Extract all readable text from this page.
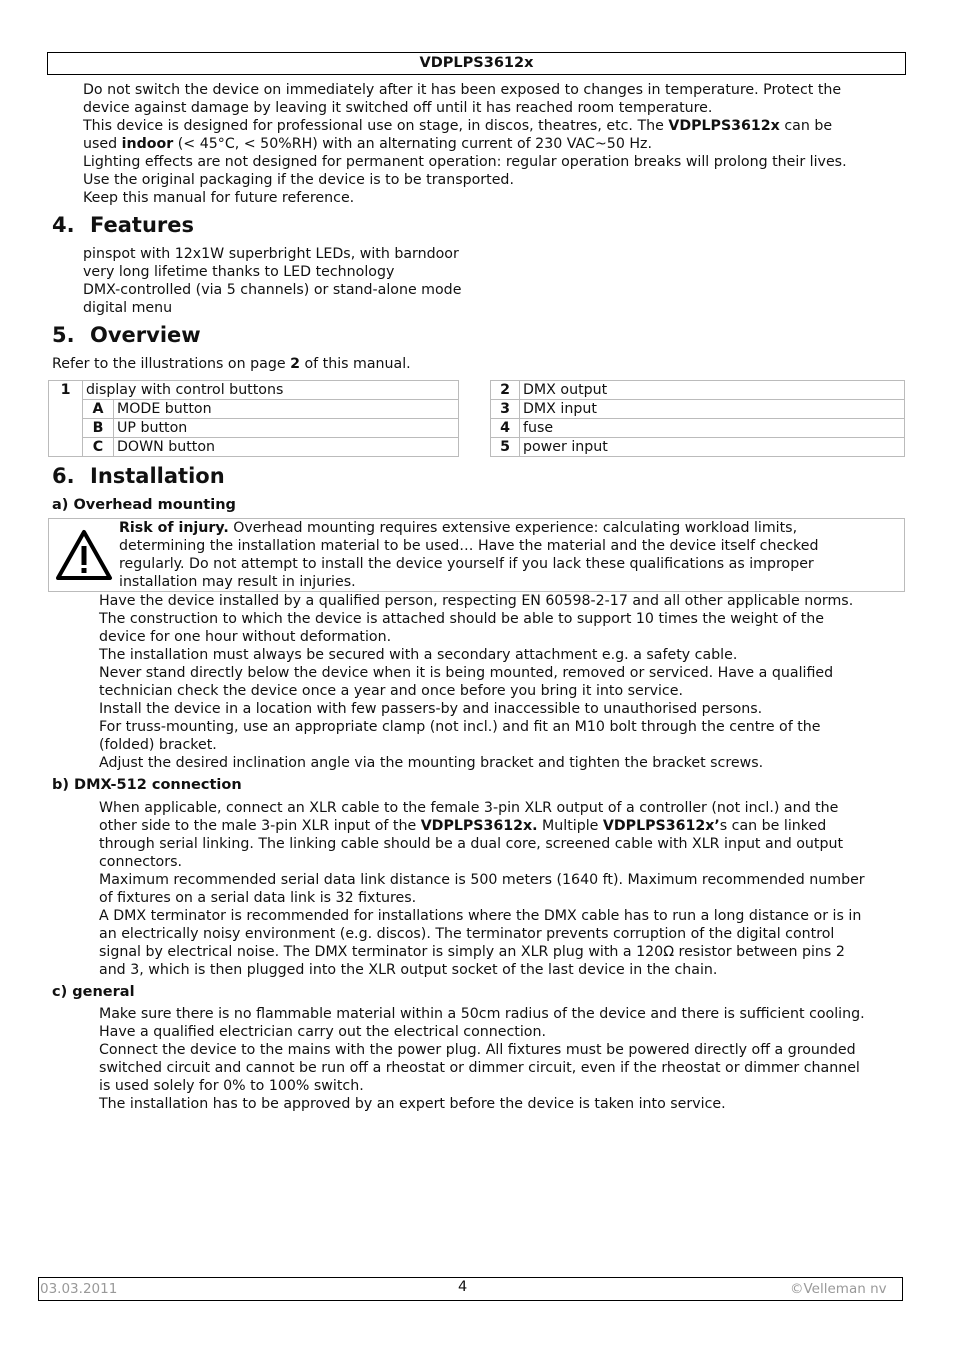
VDPLPS3612x
Do not switch the device on immediately after it has been exposed to changes in temperature. Protect the
device against damage by leaving it switched off until it has reached room temperature.
This device is designed for professional use on stage, in discos, theatres, etc. The VDPLPS3612x can be
used indoor (< 45°C, < 50%RH) with an alternating current of 230 VAC~50 Hz.
Lighting effects are not designed for permanent operation: regular operation breaks will prolong their lives.
Use the original packaging if the device is to be transported.
Keep this manual for future reference.
4. Features
pinspot with 12x1W superbright LEDs, with barndoor
very long lifetime thanks to LED technology
DMX-controlled (via 5 channels) or stand-alone mode
digital menu
5. Overview
Refer to the illustrations on page 2 of this manual.
1	display with control buttons	
	A	MODE button
	B	UP button
	C	DOWN button
2	DMX output
3	DMX input
4	fuse
5	power input
6. Installation
a) Overhead mounting
Risk of injury. Overhead mounting requires extensive experience: calculating workload limits,
determining the installation material to be used… Have the material and the device itself checked
regularly. Do not attempt to install the device yourself if you lack these qualifications as improper
installation may result in injuries.
Have the device installed by a qualified person, respecting EN 60598-2-17 and all other applicable norms.
The construction to which the device is attached should be able to support 10 times the weight of the
device for one hour without deformation.
The installation must always be secured with a secondary attachment e.g. a safety cable.
Never stand directly below the device when it is being mounted, removed or serviced. Have a qualified
technician check the device once a year and once before you bring it into service.
Install the device in a location with few passers-by and inaccessible to unauthorised persons.
For truss-mounting, use an appropriate clamp (not incl.) and fit an M10 bolt through the centre of the
(folded) bracket.
Adjust the desired inclination angle via the mounting bracket and tighten the bracket screws.
b) DMX-512 connection
When applicable, connect an XLR cable to the female 3-pin XLR output of a controller (not incl.) and the
other side to the male 3-pin XLR input of the VDPLPS3612x. Multiple VDPLPS3612x’s can be linked
through serial linking. The linking cable should be a dual core, screened cable with XLR input and output
connectors.
Maximum recommended serial data link distance is 500 meters (1640 ft). Maximum recommended number
of fixtures on a serial data link is 32 fixtures.
A DMX terminator is recommended for installations where the DMX cable has to run a long distance or is in
an electrically noisy environment (e.g. discos). The terminator prevents corruption of the digital control
signal by electrical noise. The DMX terminator is simply an XLR plug with a 120Ω resistor between pins 2
and 3, which is then plugged into the XLR output socket of the last device in the chain.
c) general
Make sure there is no flammable material within a 50cm radius of the device and there is sufficient cooling.
Have a qualified electrician carry out the electrical connection.
Connect the device to the mains with the power plug. All fixtures must be powered directly off a grounded
switched circuit and cannot be run off a rheostat or dimmer circuit, even if the rheostat or dimmer channel
is used solely for 0% to 100% switch.
The installation has to be approved by an expert before the device is taken into service.
03.03.2011	4	©Velleman nv
